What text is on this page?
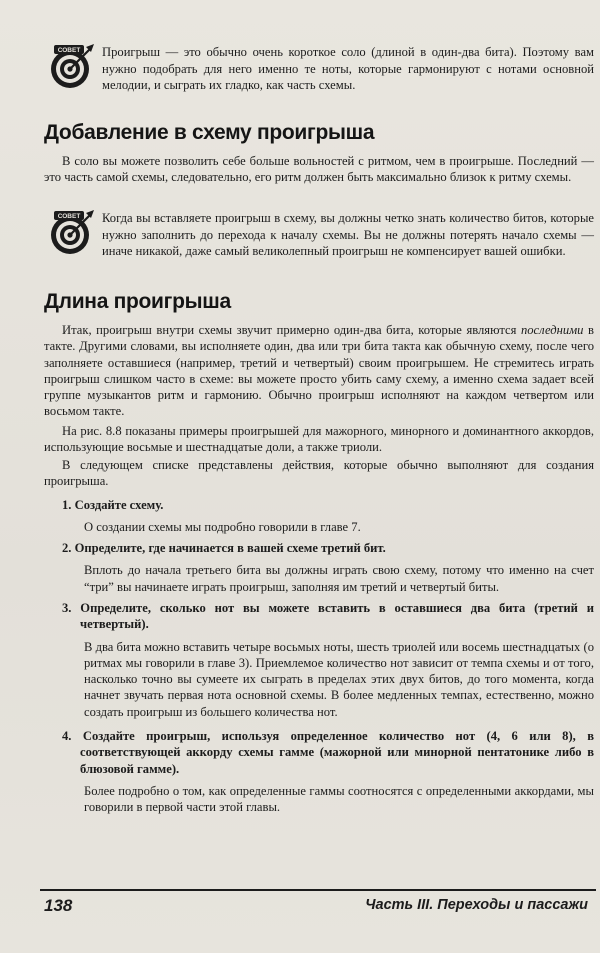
СОВЕТ Проигрыш — это обычно очень короткое соло (длиной в один-два бита). Поэтому вам нужно подобрать для него именно те ноты, которые гармонируют с нотами основной мелодии, и сыграть их гладко, как часть схемы.

Добавление в схему проигрыша

В соло вы можете позволить себе больше вольностей с ритмом, чем в проигрыше. Последний — это часть самой схемы, следовательно, его ритм должен быть максимально близок к ритму схемы.

СОВЕТ Когда вы вставляете проигрыш в схему, вы должны четко знать количество битов, которые нужно заполнить до перехода к началу схемы. Вы не должны потерять начало схемы — иначе никакой, даже самый великолепный проигрыш не компенсирует вашей ошибки.

Длина проигрыша

Итак, проигрыш внутри схемы звучит примерно один-два бита, которые являются последними в такте. Другими словами, вы исполняете один, два или три бита такта как обычную схему, после чего заполняете оставшиеся (например, третий и четвертый) своим проигрышем. Не стремитесь играть проигрыш слишком часто в схеме: вы можете просто убить саму схему, а именно схема задает всей группе музыкантов ритм и гармонию. Обычно проигрыш исполняют на каждом четвертом или восьмом такте.

На рис. 8.8 показаны примеры проигрышей для мажорного, минорного и доминантного аккордов, использующие восьмые и шестнадцатые доли, а также триоли.

В следующем списке представлены действия, которые обычно выполняют для создания проигрыша.

1. Создайте схему.

О создании схемы мы подробно говорили в главе 7.

2. Определите, где начинается в вашей схеме третий бит.

Вплоть до начала третьего бита вы должны играть свою схему, потому что именно на счет “три” вы начинаете играть проигрыш, заполняя им третий и четвертый биты.

3. Определите, сколько нот вы можете вставить в оставшиеся два бита (третий и четвертый).

В два бита можно вставить четыре восьмых ноты, шесть триолей или восемь шестнадцатых (о ритмах мы говорили в главе 3). Приемлемое количество нот зависит от темпа схемы и от того, насколько точно вы сумеете их сыграть в пределах этих двух битов, до того момента, когда начнет звучать первая нота основной схемы. В более медленных темпах, естественно, можно создать проигрыш из большего количества нот.

4. Создайте проигрыш, используя определенное количество нот (4, 6 или 8), в соответствующей аккорду схемы гамме (мажорной или минорной пентатонике либо в блюзовой гамме).

Более подробно о том, как определенные гаммы соотносятся с определенными аккордами, мы говорили в первой части этой главы.

138	Часть III. Переходы и пассажи
